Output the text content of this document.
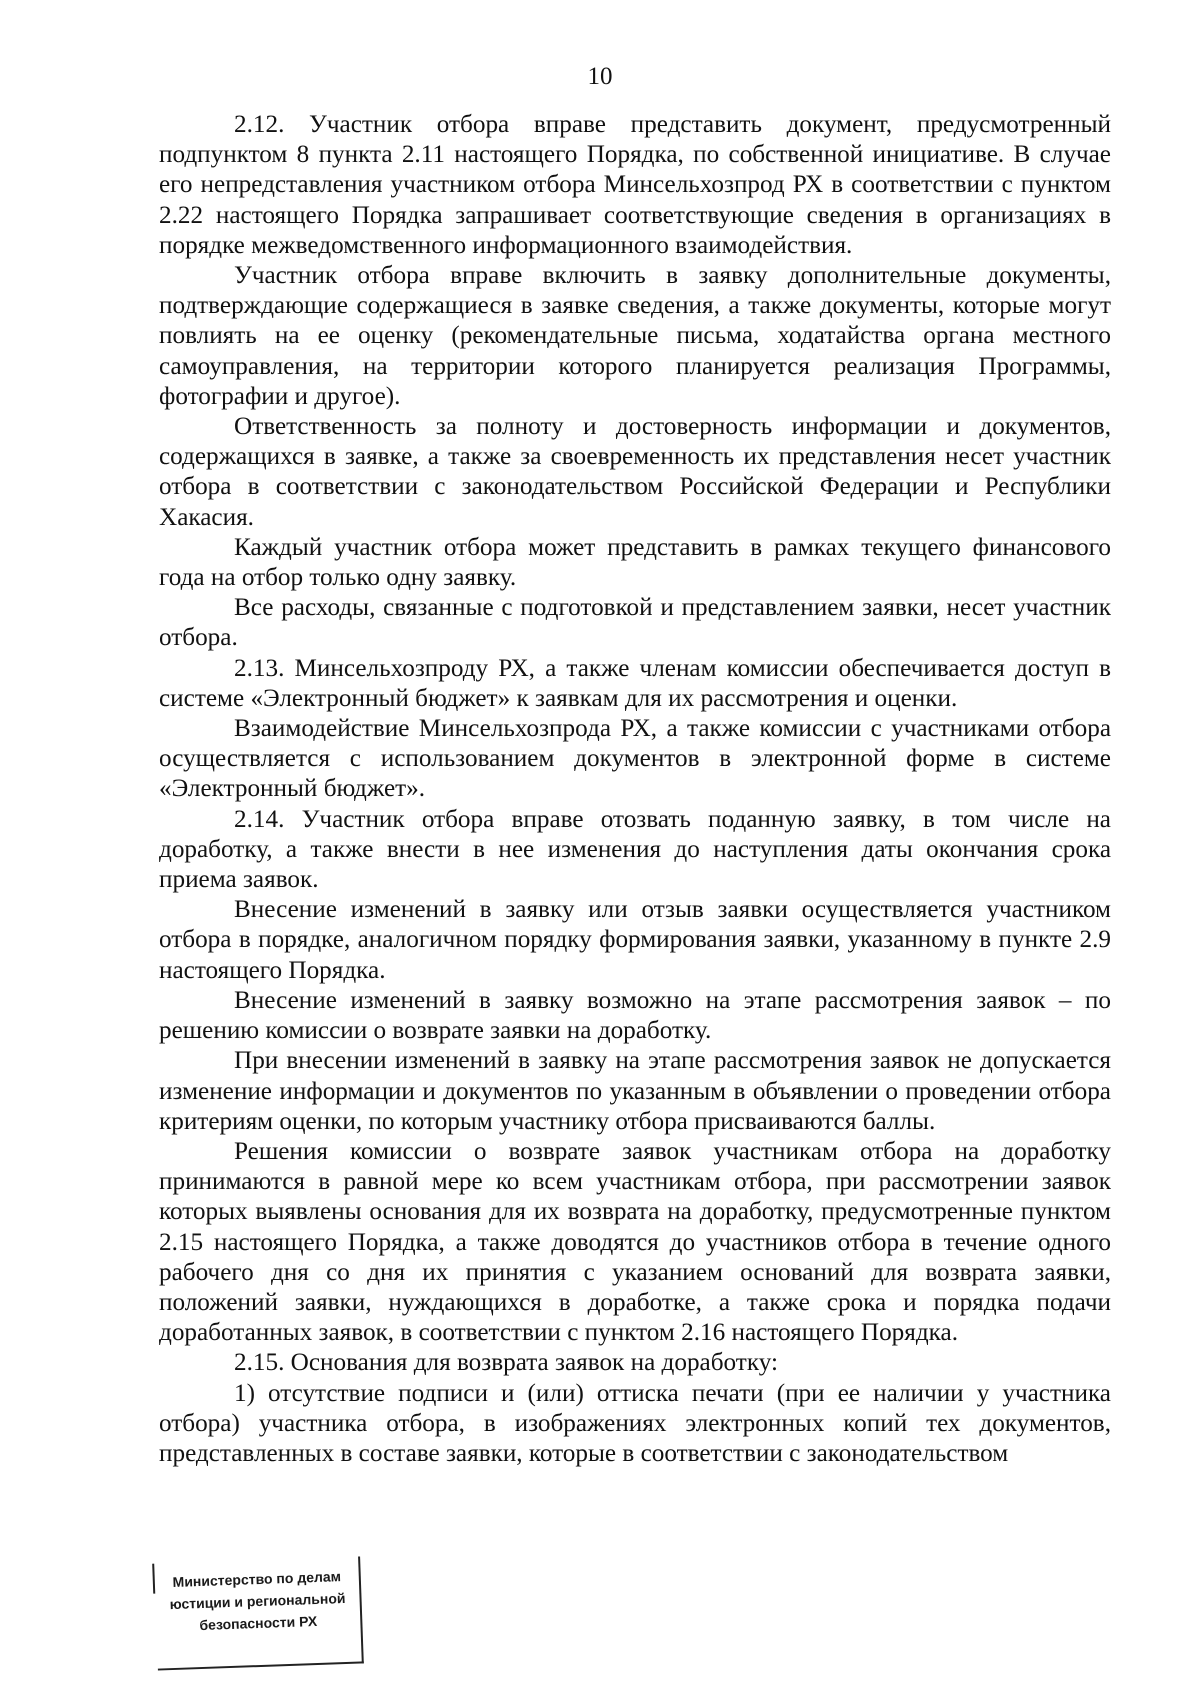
10

2.12. Участник отбора вправе представить документ, предусмотренный подпунктом 8 пункта 2.11 настоящего Порядка, по собственной инициативе. В случае его непредставления участником отбора Минсельхозпрод РХ в соответствии с пунктом 2.22 настоящего Порядка запрашивает соответствующие сведения в организациях в порядке межведомственного информационного взаимодействия.

Участник отбора вправе включить в заявку дополнительные документы, подтверждающие содержащиеся в заявке сведения, а также документы, которые могут повлиять на ее оценку (рекомендательные письма, ходатайства органа местного самоуправления, на территории которого планируется реализация Программы, фотографии и другое).

Ответственность за полноту и достоверность информации и документов, содержащихся в заявке, а также за своевременность их представления несет участник отбора в соответствии с законодательством Российской Федерации и Республики Хакасия.

Каждый участник отбора может представить в рамках текущего финансового года на отбор только одну заявку.

Все расходы, связанные с подготовкой и представлением заявки, несет участник отбора.

2.13. Минсельхозпроду РХ, а также членам комиссии обеспечивается доступ в системе «Электронный бюджет» к заявкам для их рассмотрения и оценки.

Взаимодействие Минсельхозпрода РХ, а также комиссии с участниками отбора осуществляется с использованием документов в электронной форме в системе «Электронный бюджет».

2.14. Участник отбора вправе отозвать поданную заявку, в том числе на доработку, а также внести в нее изменения до наступления даты окончания срока приема заявок.

Внесение изменений в заявку или отзыв заявки осуществляется участником отбора в порядке, аналогичном порядку формирования заявки, указанному в пункте 2.9 настоящего Порядка.

Внесение изменений в заявку возможно на этапе рассмотрения заявок – по решению комиссии о возврате заявки на доработку.

При внесении изменений в заявку на этапе рассмотрения заявок не допускается изменение информации и документов по указанным в объявлении о проведении отбора критериям оценки, по которым участнику отбора присваиваются баллы.

Решения комиссии о возврате заявок участникам отбора на доработку принимаются в равной мере ко всем участникам отбора, при рассмотрении заявок которых выявлены основания для их возврата на доработку, предусмотренные пунктом 2.15 настоящего Порядка, а также доводятся до участников отбора в течение одного рабочего дня со дня их принятия с указанием оснований для возврата заявки, положений заявки, нуждающихся в доработке, а также срока и порядка подачи доработанных заявок, в соответствии с пунктом 2.16 настоящего Порядка.

2.15. Основания для возврата заявок на доработку:

1) отсутствие подписи и (или) оттиска печати (при ее наличии у участника отбора) участника отбора, в изображениях электронных копий тех документов, представленных в составе заявки, которые в соответствии с законодательством

Министерство по делам
юстиции и региональной
безопасности РХ
